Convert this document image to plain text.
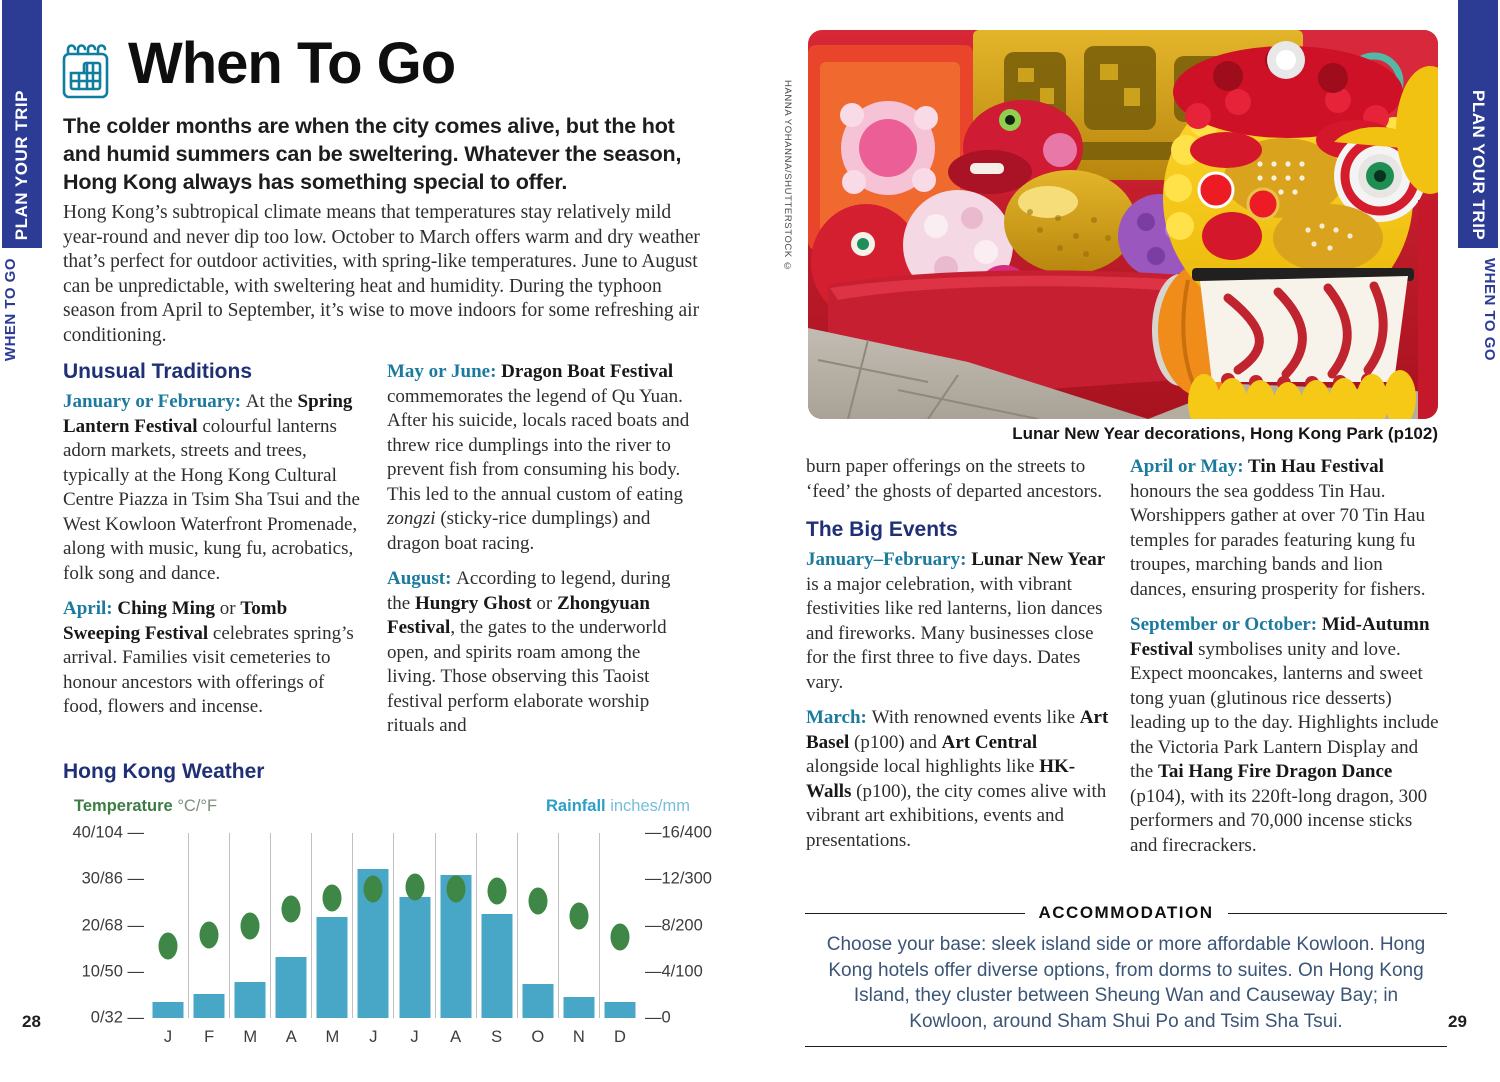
PLAN YOUR TRIP
WHEN TO GO
PLAN YOUR TRIP
WHEN TO GO
When To Go
The colder months are when the city comes alive, but the hot and humid summers can be sweltering. Whatever the season, Hong Kong always has something special to offer.
Hong Kong’s subtropical climate means that temperatures stay relatively mild year-round and never dip too low. October to March offers warm and dry weather that’s perfect for outdoor activities, with spring-like temperatures. June to August can be unpredictable, with sweltering heat and humidity. During the typhoon season from April to September, it’s wise to move indoors for some refreshing air conditioning.
Unusual Traditions

January or February: At the Spring Lantern Festival colourful lanterns adorn markets, streets and trees, typically at the Hong Kong Cultural Centre Piazza in Tsim Sha Tsui and the West Kowloon Waterfront Promenade, along with music, kung fu, acrobatics, folk song and dance.

April: Ching Ming or Tomb Sweeping Festival celebrates spring’s arrival. Families visit cemeteries to honour ancestors with offerings of food, flowers and incense.

May or June: Dragon Boat Festival commemorates the legend of Qu Yuan. After his suicide, locals raced boats and threw rice dumplings into the river to prevent fish from consuming his body. This led to the annual custom of eating zongzi (sticky-rice dumplings) and dragon boat racing.

August: According to legend, during the Hungry Ghost or Zhongyuan Festival, the gates to the underworld open, and spirits roam among the living. Those observing this Taoist festival perform elaborate worship rituals and

Hong Kong Weather
Temperature °C/°F	Rainfall inches/mm
40/104 —
30/86 —
20/68 —
10/50 —
0/32 —
—16/400
—12/300
—8/200
—4/100
—0
J	F	M	A	M	J	J	A	S	O	N	D
HANNA YOHANNA/SHUTTERSTOCK ©
Lunar New Year decorations, Hong Kong Park (p102)

burn paper offerings on the streets to ‘feed’ the ghosts of departed ancestors.

The Big Events

January–February: Lunar New Year is a major celebration, with vibrant festivities like red lanterns, lion dances and fireworks. Many businesses close for the first three to five days. Dates vary.

March: With renowned events like Art Basel (p100) and Art Central alongside local highlights like HK-Walls (p100), the city comes alive with vibrant art exhibitions, events and presentations.

April or May: Tin Hau Festival honours the sea goddess Tin Hau. Worshippers gather at over 70 Tin Hau temples for parades featuring kung fu troupes, marching bands and lion dances, ensuring prosperity for fishers.

September or October: Mid-Autumn Festival symbolises unity and love. Expect mooncakes, lanterns and sweet tong yuan (glutinous rice desserts) leading up to the day. Highlights include the Victoria Park Lantern Display and the Tai Hang Fire Dragon Dance (p104), with its 220ft-long dragon, 300 performers and 70,000 incense sticks and firecrackers.

ACCOMMODATION
Choose your base: sleek island side or more affordable Kowloon. Hong Kong hotels offer diverse options, from dorms to suites. On Hong Kong Island, they cluster between Sheung Wan and Causeway Bay; in Kowloon, around Sham Shui Po and Tsim Sha Tsui.
28	29
